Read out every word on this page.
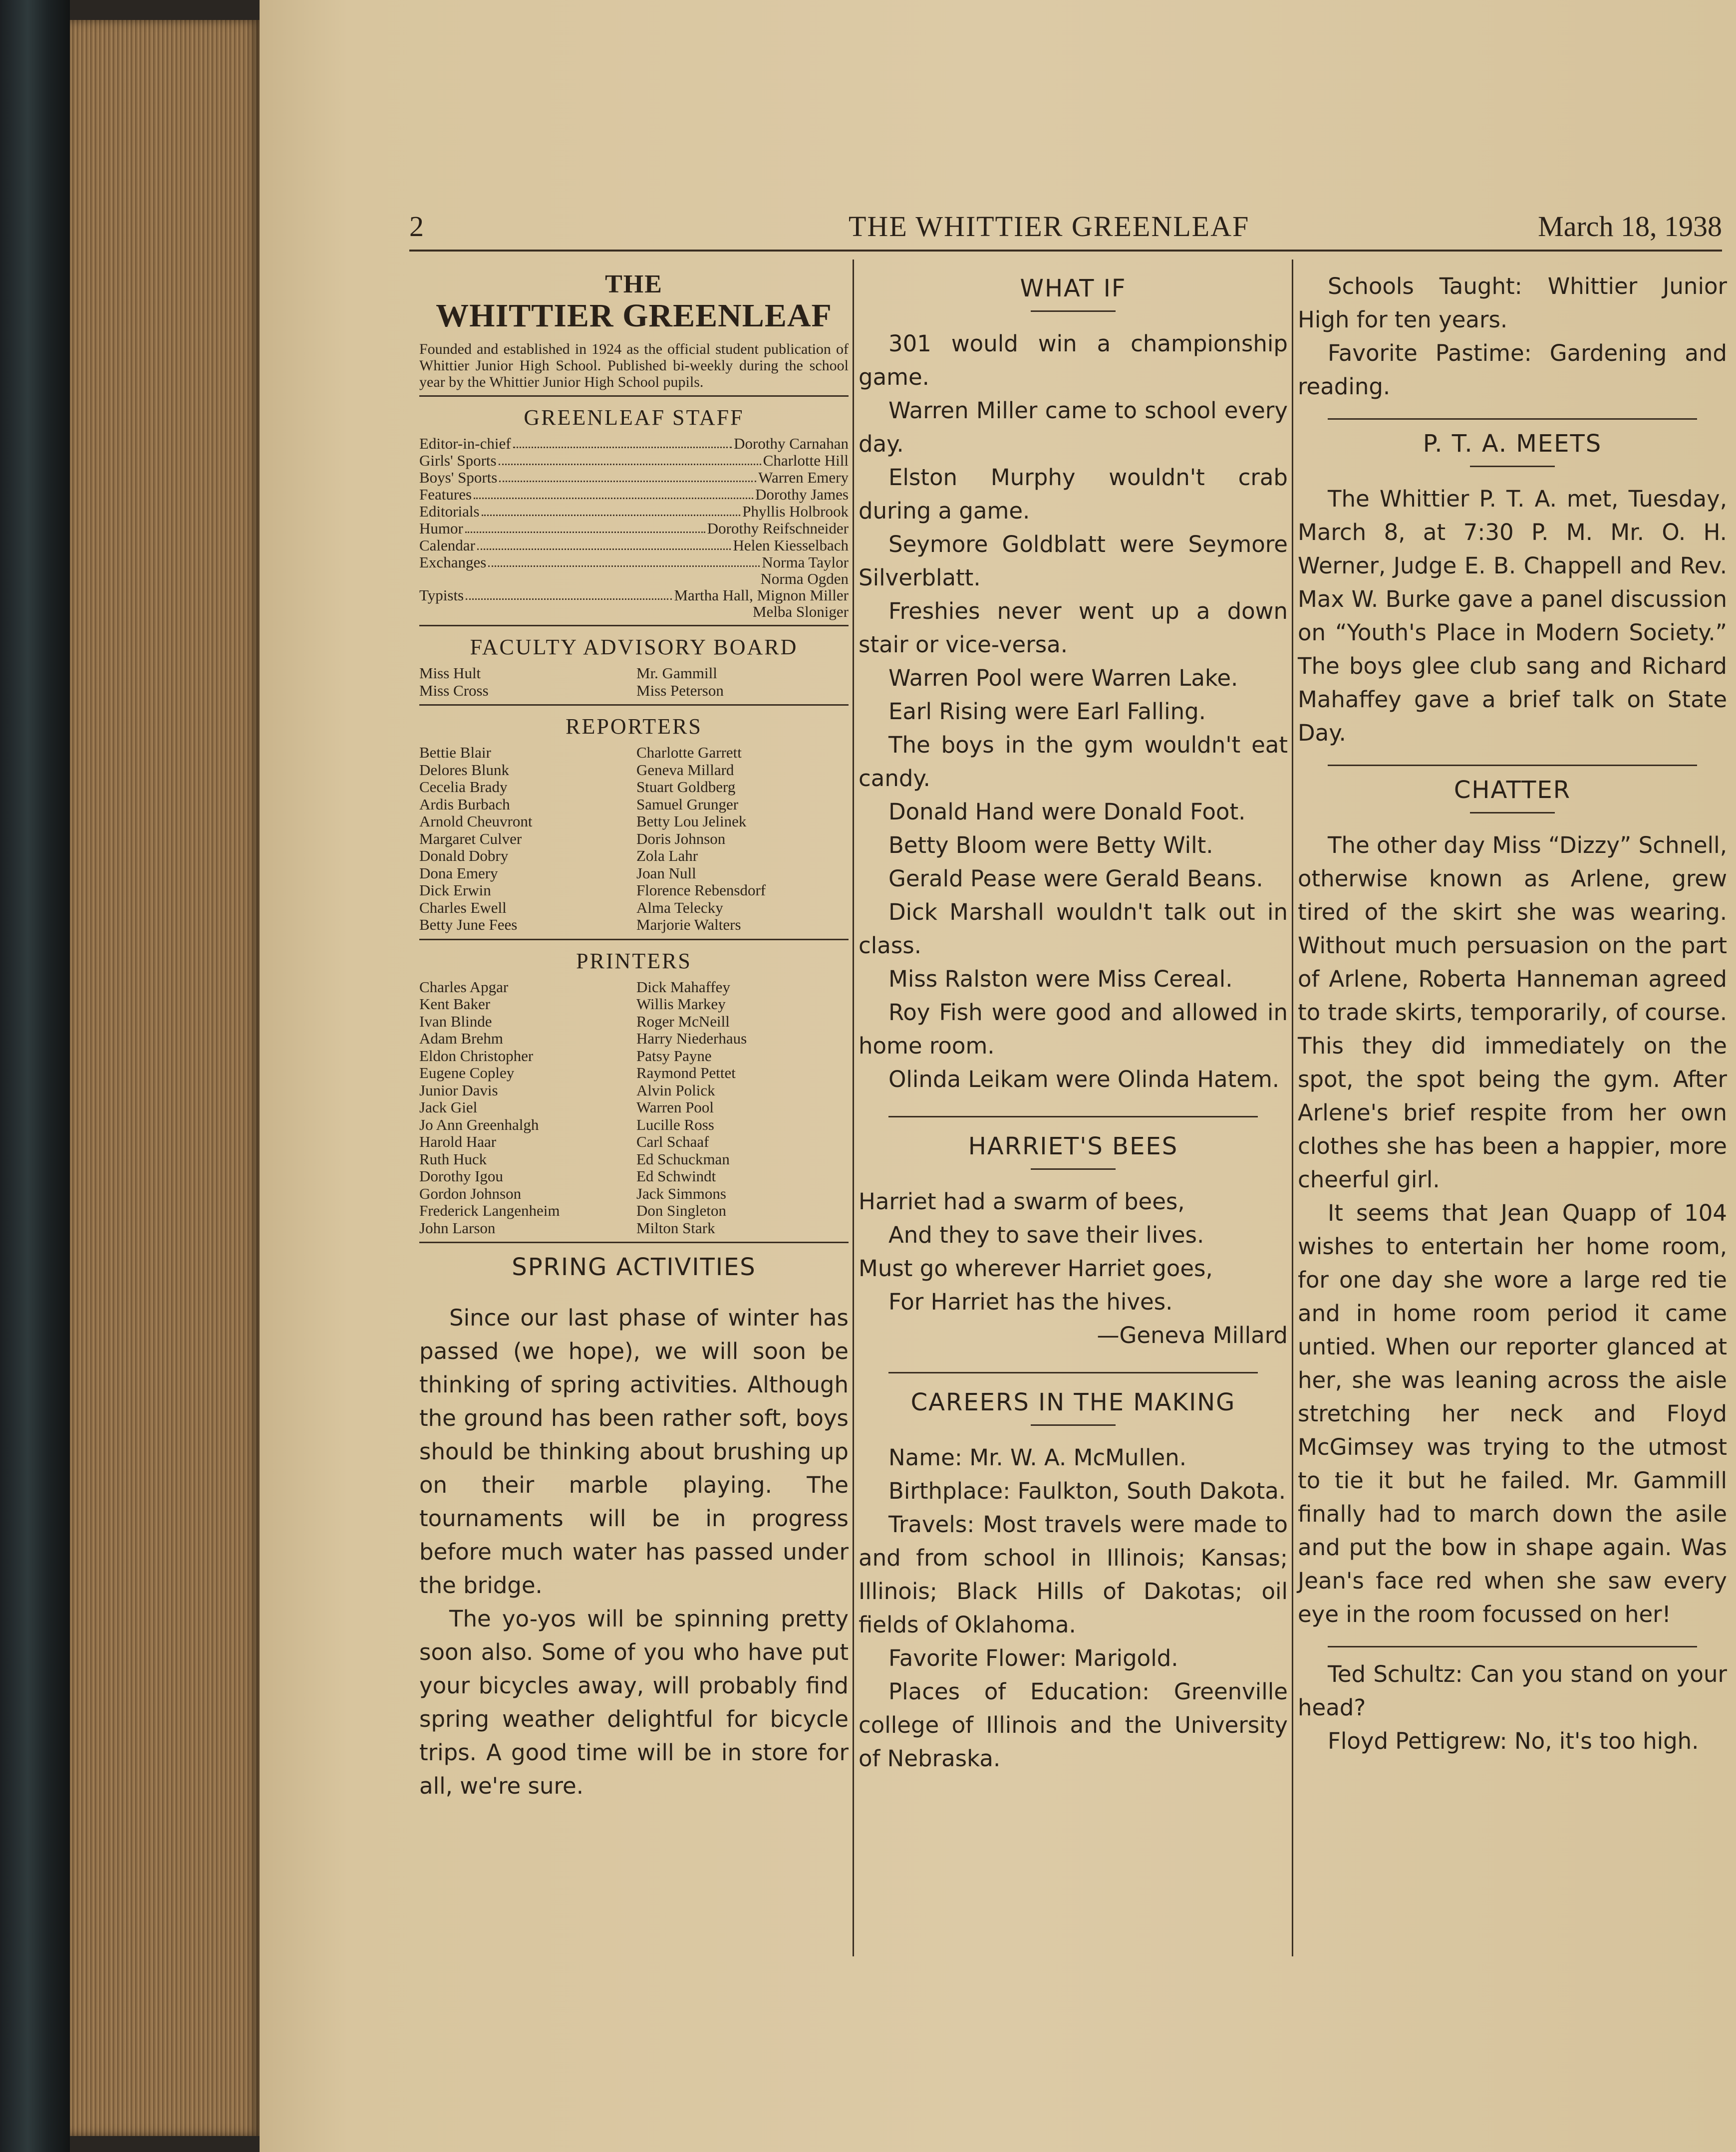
2	THE WHITTIER GREENLEAF	March 18, 1938
THE
WHITTIER GREENLEAF
Founded and established in 1924 as the official student publication of Whittier Junior High School. Published bi-weekly during the school year by the Whittier Junior High School pupils.
GREENLEAF STAFF
Editor-in-chief	Dorothy Carnahan
Girls' Sports	Charlotte Hill
Boys' Sports	Warren Emery
Features	Dorothy James
Editorials	Phyllis Holbrook
Humor	Dorothy Reifschneider
Calendar	Helen Kiesselbach
Exchanges	Norma Taylor
Norma Ogden
Typists	Martha Hall, Mignon Miller
Melba Sloniger
FACULTY ADVISORY BOARD
Miss Hult	Mr. Gammill
Miss Cross	Miss Peterson
REPORTERS
Bettie Blair	Charlotte Garrett
Delores Blunk	Geneva Millard
Cecelia Brady	Stuart Goldberg
Ardis Burbach	Samuel Grunger
Arnold Cheuvront	Betty Lou Jelinek
Margaret Culver	Doris Johnson
Donald Dobry	Zola Lahr
Dona Emery	Joan Null
Dick Erwin	Florence Rebensdorf
Charles Ewell	Alma Telecky
Betty June Fees	Marjorie Walters
PRINTERS
Charles Apgar	Dick Mahaffey
Kent Baker	Willis Markey
Ivan Blinde	Roger McNeill
Adam Brehm	Harry Niederhaus
Eldon Christopher	Patsy Payne
Eugene Copley	Raymond Pettet
Junior Davis	Alvin Polick
Jack Giel	Warren Pool
Jo Ann Greenhalgh	Lucille Ross
Harold Haar	Carl Schaaf
Ruth Huck	Ed Schuckman
Dorothy Igou	Ed Schwindt
Gordon Johnson	Jack Simmons
Frederick Langenheim	Don Singleton
John Larson	Milton Stark
SPRING ACTIVITIES

Since our last phase of winter has passed (we hope), we will soon be thinking of spring activities. Although the ground has been rather soft, boys should be thinking about brushing up on their marble playing. The tournaments will be in progress before much water has passed under the bridge.

The yo-yos will be spinning pretty soon also. Some of you who have put your bicycles away, will probably find spring weather delightful for bicycle trips. A good time will be in store for all, we're sure.

WHAT IF

301 would win a championship game.

Warren Miller came to school every day.

Elston Murphy wouldn't crab during a game.

Seymore Goldblatt were Seymore Silverblatt.

Freshies never went up a down stair or vice-versa.

Warren Pool were Warren Lake.

Earl Rising were Earl Falling.

The boys in the gym wouldn't eat candy.

Donald Hand were Donald Foot.

Betty Bloom were Betty Wilt.

Gerald Pease were Gerald Beans.

Dick Marshall wouldn't talk out in class.

Miss Ralston were Miss Cereal.

Roy Fish were good and allowed in home room.

Olinda Leikam were Olinda Hatem.

HARRIET'S BEES
Harriet had a swarm of bees,
And they to save their lives.
Must go wherever Harriet goes,
For Harriet has the hives.
—Geneva Millard
CAREERS IN THE MAKING

Name: Mr. W. A. McMullen.

Birthplace: Faulkton, South Dakota.

Travels: Most travels were made to and from school in Illinois; Kansas; Illinois; Black Hills of Dakotas; oil fields of Oklahoma.

Favorite Flower: Marigold.

Places of Education: Greenville college of Illinois and the University of Nebraska.

Schools Taught: Whittier Junior High for ten years.

Favorite Pastime: Gardening and reading.

P. T. A. MEETS

The Whittier P. T. A. met, Tuesday, March 8, at 7:30 P. M. Mr. O. H. Werner, Judge E. B. Chappell and Rev. Max W. Burke gave a panel discussion on “Youth's Place in Modern Society.” The boys glee club sang and Richard Mahaffey gave a brief talk on State Day.

CHATTER

The other day Miss “Dizzy” Schnell, otherwise known as Arlene, grew tired of the skirt she was wearing. Without much persuasion on the part of Arlene, Roberta Hanneman agreed to trade skirts, temporarily, of course. This they did immediately on the spot, the spot being the gym. After Arlene's brief respite from her own clothes she has been a happier, more cheerful girl.

It seems that Jean Quapp of 104 wishes to entertain her home room, for one day she wore a large red tie and in home room period it came untied. When our reporter glanced at her, she was leaning across the aisle stretching her neck and Floyd McGimsey was trying to the utmost to tie it but he failed. Mr. Gammill finally had to march down the asile and put the bow in shape again. Was Jean's face red when she saw every eye in the room focussed on her!

Ted Schultz: Can you stand on your head?

Floyd Pettigrew: No, it's too high.
